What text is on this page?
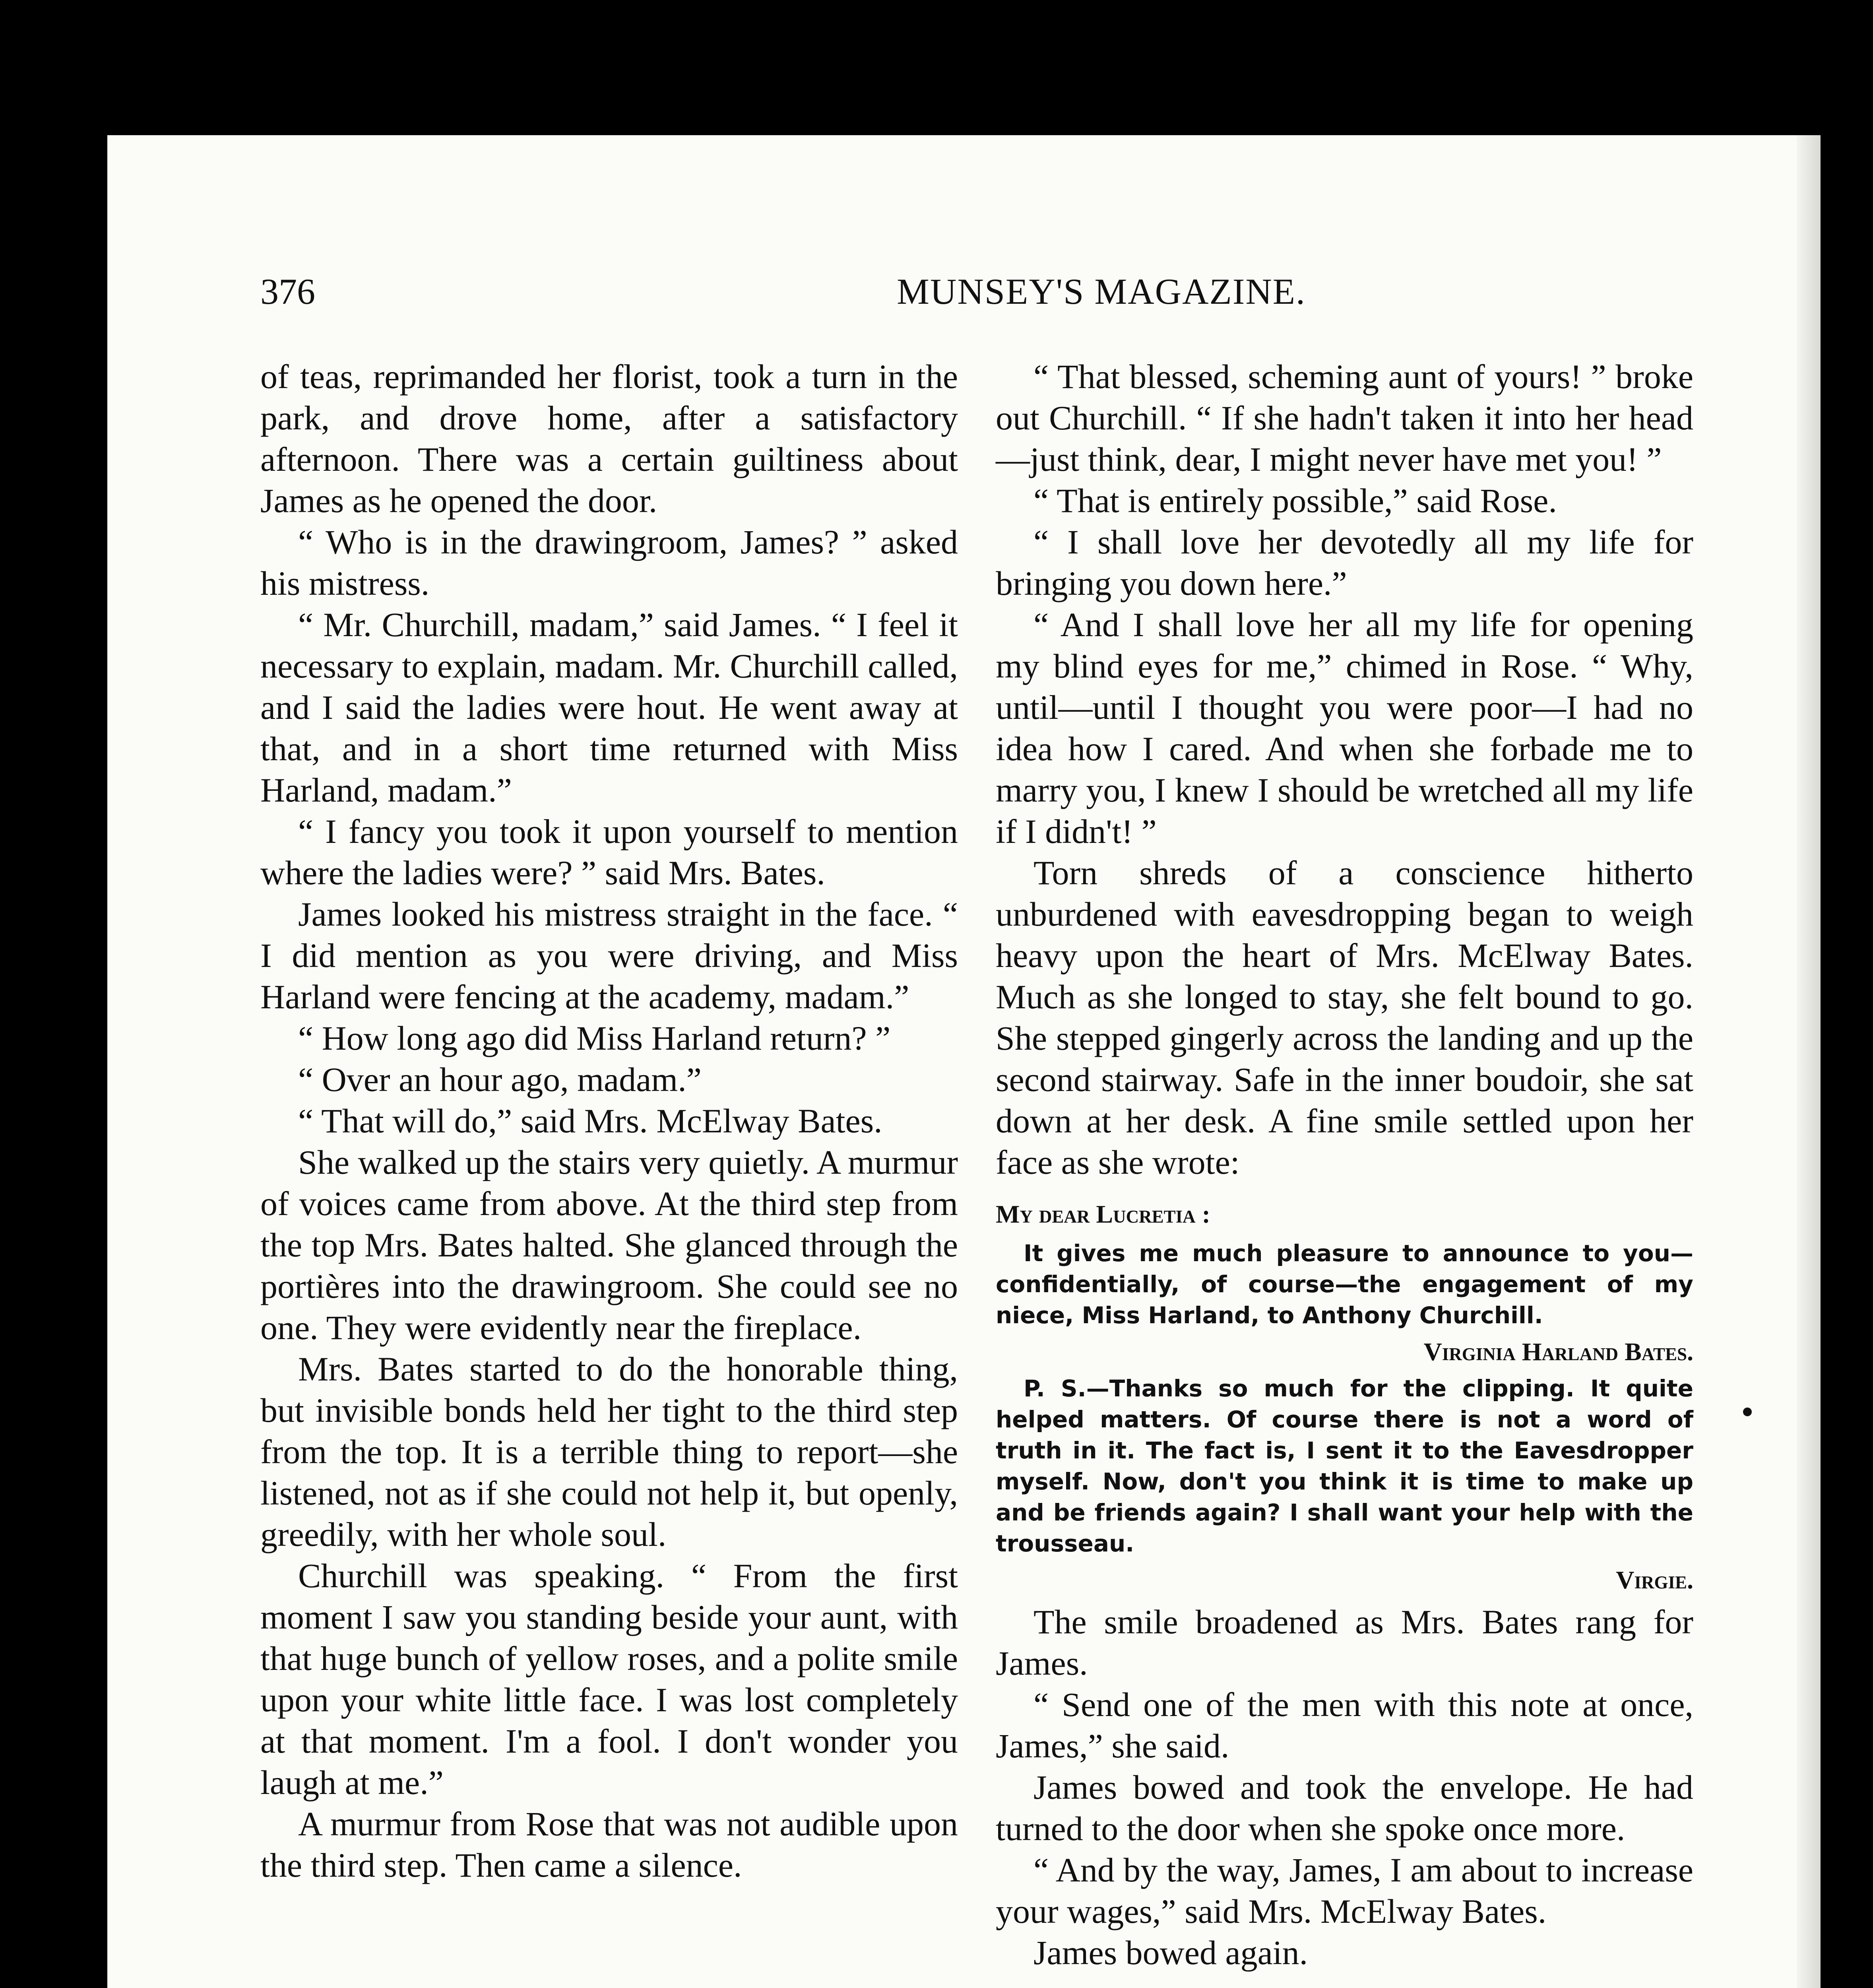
376	MUNSEY'S MAGAZINE.

of teas, reprimanded her florist, took a turn in the park, and drove home, after a satisfactory afternoon. There was a certain guiltiness about James as he opened the door.

“ Who is in the drawingroom, James? ” asked his mistress.

“ Mr. Churchill, madam,” said James. “ I feel it necessary to explain, madam. Mr. Churchill called, and I said the ladies were hout. He went away at that, and in a short time returned with Miss Harland, madam.”

“ I fancy you took it upon yourself to mention where the ladies were? ” said Mrs. Bates.

James looked his mistress straight in the face. “ I did mention as you were driving, and Miss Harland were fencing at the academy, madam.”

“ How long ago did Miss Harland return? ”

“ Over an hour ago, madam.”

“ That will do,” said Mrs. McElway Bates.

She walked up the stairs very quietly. A murmur of voices came from above. At the third step from the top Mrs. Bates halted. She glanced through the portières into the drawingroom. She could see no one. They were evidently near the fireplace.

Mrs. Bates started to do the honorable thing, but invisible bonds held her tight to the third step from the top. It is a terrible thing to report—she listened, not as if she could not help it, but openly, greedily, with her whole soul.

Churchill was speaking. “ From the first moment I saw you standing beside your aunt, with that huge bunch of yellow roses, and a polite smile upon your white little face. I was lost completely at that moment. I'm a fool. I don't wonder you laugh at me.”

A murmur from Rose that was not audible upon the third step. Then came a silence.

“ That blessed, scheming aunt of yours! ” broke out Churchill. “ If she hadn't taken it into her head—just think, dear, I might never have met you! ”

“ That is entirely possible,” said Rose.

“ I shall love her devotedly all my life for bringing you down here.”

“ And I shall love her all my life for opening my blind eyes for me,” chimed in Rose. “ Why, until—until I thought you were poor—I had no idea how I cared. And when she forbade me to marry you, I knew I should be wretched all my life if I didn't! ”

Torn shreds of a conscience hitherto unburdened with eavesdropping began to weigh heavy upon the heart of Mrs. McElway Bates. Much as she longed to stay, she felt bound to go. She stepped gingerly across the landing and up the second stairway. Safe in the inner boudoir, she sat down at her desk. A fine smile settled upon her face as she wrote:

My dear Lucretia :

It gives me much pleasure to announce to you—confidentially, of course—the engagement of my niece, Miss Harland, to Anthony Churchill.

Virginia Harland Bates.

P. S.—Thanks so much for the clipping. It quite helped matters. Of course there is not a word of truth in it. The fact is, I sent it to the Eavesdropper myself. Now, don't you think it is time to make up and be friends again? I shall want your help with the trousseau.

Virgie.

The smile broadened as Mrs. Bates rang for James.

“ Send one of the men with this note at once, James,” she said.

James bowed and took the envelope. He had turned to the door when she spoke once more.

“ And by the way, James, I am about to increase your wages,” said Mrs. McElway Bates.

James bowed again.
